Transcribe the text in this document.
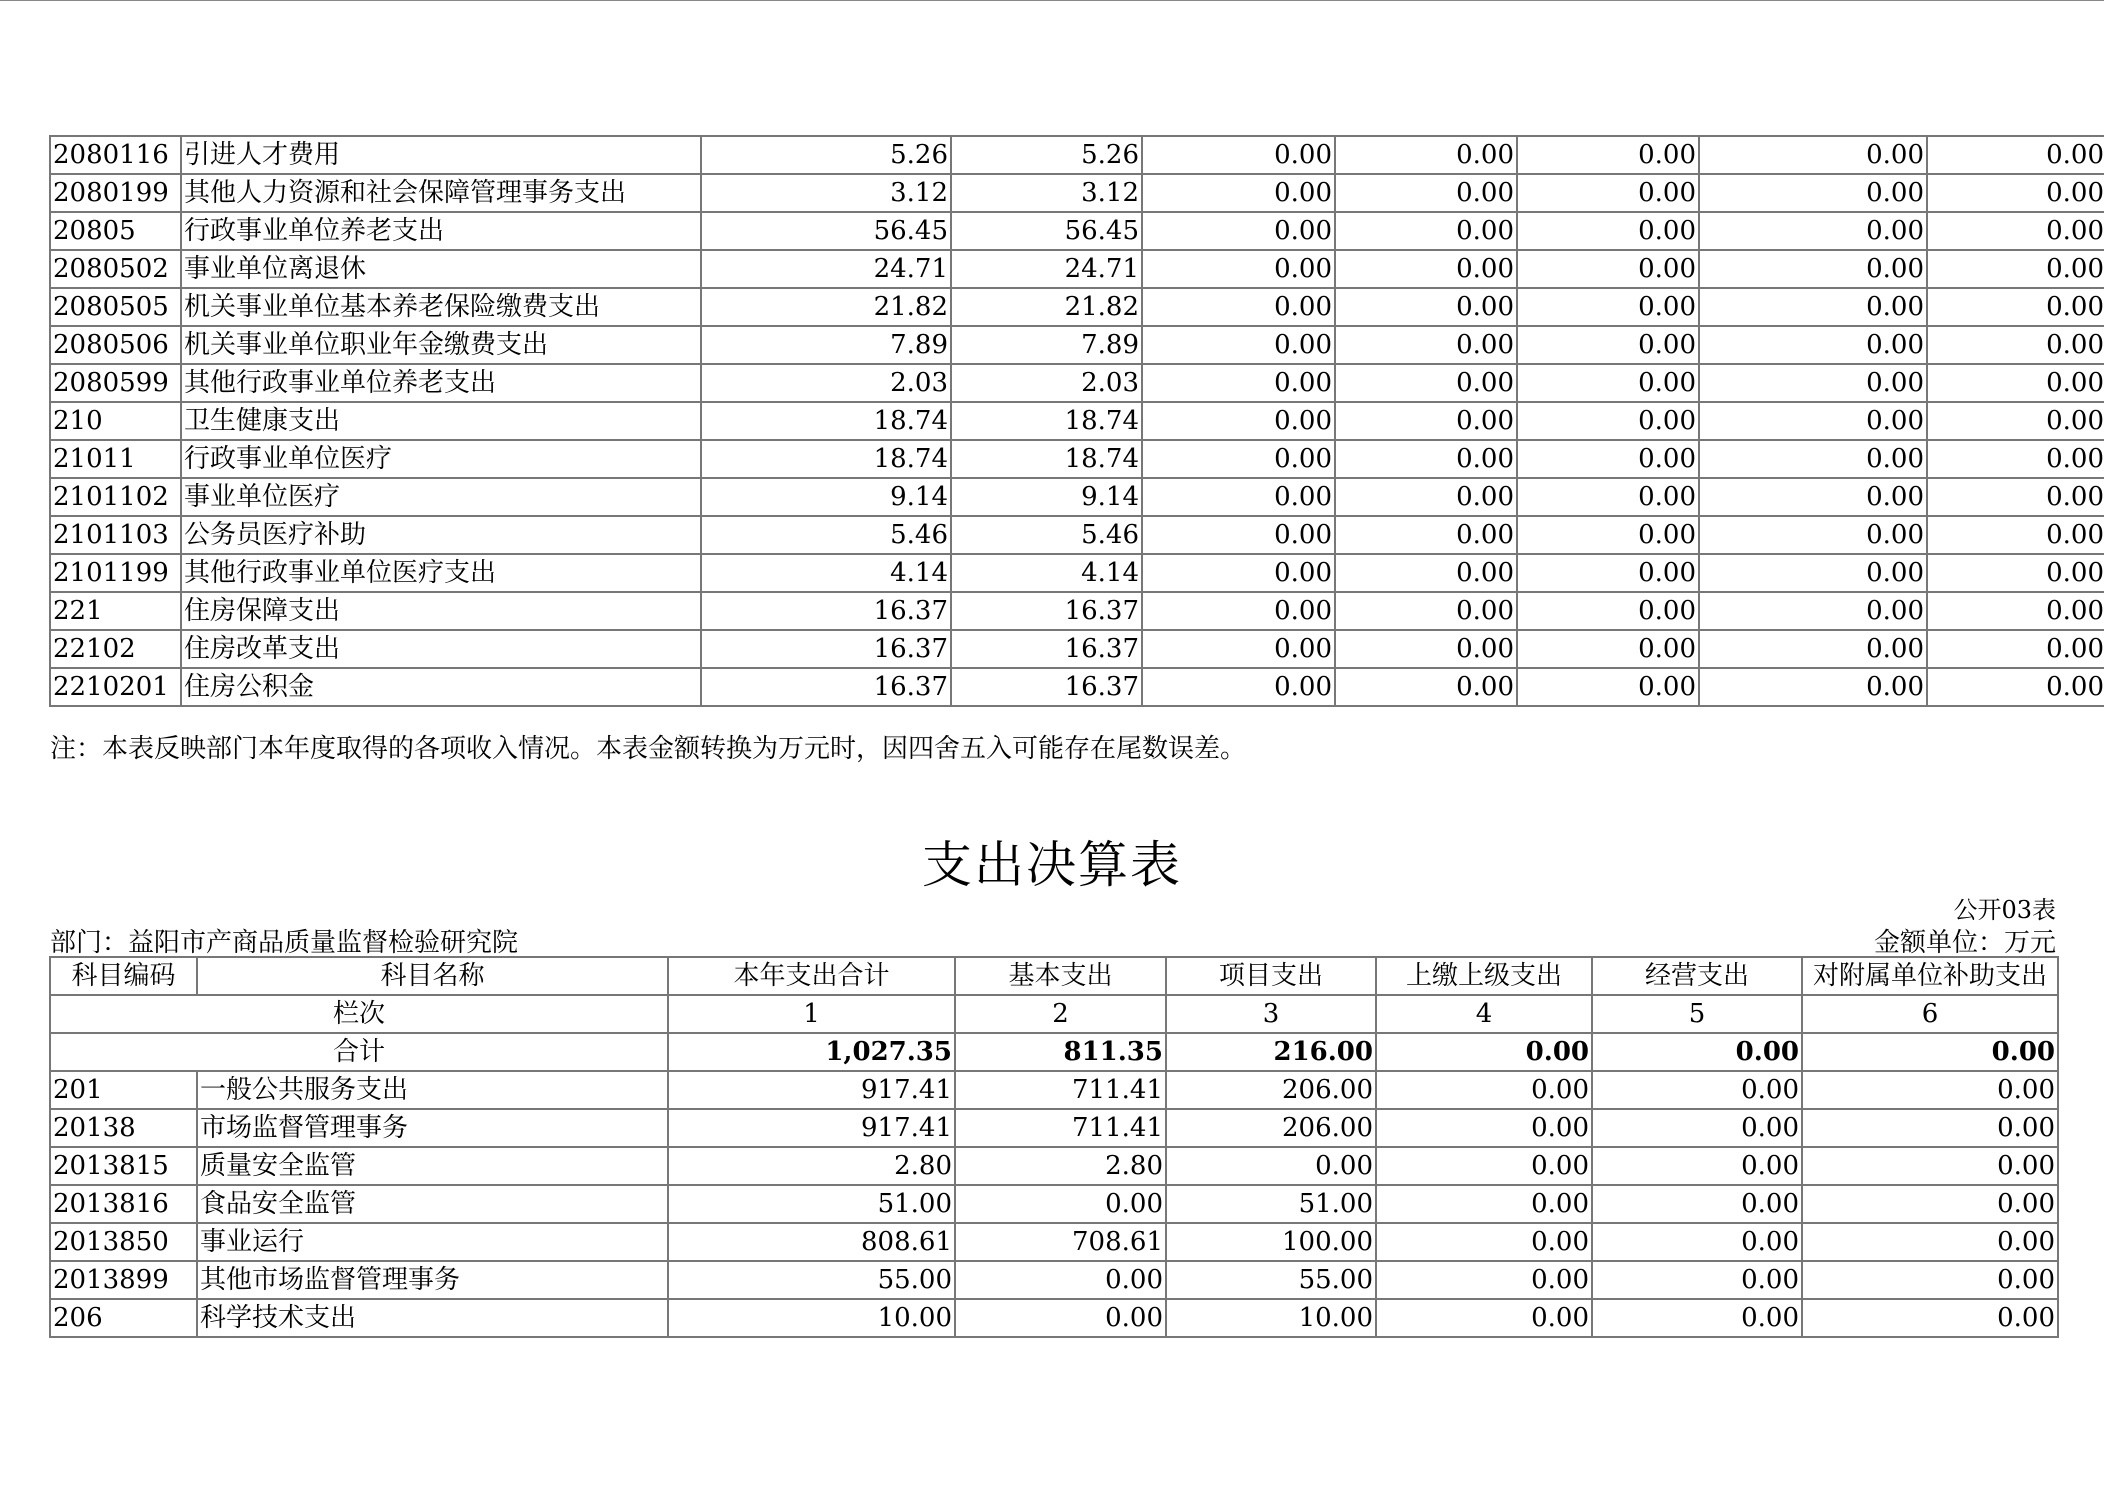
2080116	引进人才费用	5.26	5.26	0.00	0.00	0.00	0.00	0.00
2080199	其他人力资源和社会保障管理事务支出	3.12	3.12	0.00	0.00	0.00	0.00	0.00
20805	行政事业单位养老支出	56.45	56.45	0.00	0.00	0.00	0.00	0.00
2080502	事业单位离退休	24.71	24.71	0.00	0.00	0.00	0.00	0.00
2080505	机关事业单位基本养老保险缴费支出	21.82	21.82	0.00	0.00	0.00	0.00	0.00
2080506	机关事业单位职业年金缴费支出	7.89	7.89	0.00	0.00	0.00	0.00	0.00
2080599	其他行政事业单位养老支出	2.03	2.03	0.00	0.00	0.00	0.00	0.00
210	卫生健康支出	18.74	18.74	0.00	0.00	0.00	0.00	0.00
21011	行政事业单位医疗	18.74	18.74	0.00	0.00	0.00	0.00	0.00
2101102	事业单位医疗	9.14	9.14	0.00	0.00	0.00	0.00	0.00
2101103	公务员医疗补助	5.46	5.46	0.00	0.00	0.00	0.00	0.00
2101199	其他行政事业单位医疗支出	4.14	4.14	0.00	0.00	0.00	0.00	0.00
221	住房保障支出	16.37	16.37	0.00	0.00	0.00	0.00	0.00
22102	住房改革支出	16.37	16.37	0.00	0.00	0.00	0.00	0.00
2210201	住房公积金	16.37	16.37	0.00	0.00	0.00	0.00	0.00
注：本表反映部门本年度取得的各项收入情况。本表金额转换为万元时，因四舍五入可能存在尾数误差。
支出决算表
公开03表
部门：益阳市产商品质量监督检验研究院	金额单位：万元
科目编码	科目名称	本年支出合计	基本支出	项目支出	上缴上级支出	经营支出	对附属单位补助支出
栏次		1	2	3	4	5	6
合计		1,027.35	811.35	216.00	0.00	0.00	0.00
201	一般公共服务支出	917.41	711.41	206.00	0.00	0.00	0.00
20138	市场监督管理事务	917.41	711.41	206.00	0.00	0.00	0.00
2013815	质量安全监管	2.80	2.80	0.00	0.00	0.00	0.00
2013816	食品安全监管	51.00	0.00	51.00	0.00	0.00	0.00
2013850	事业运行	808.61	708.61	100.00	0.00	0.00	0.00
2013899	其他市场监督管理事务	55.00	0.00	55.00	0.00	0.00	0.00
206	科学技术支出	10.00	0.00	10.00	0.00	0.00	0.00
